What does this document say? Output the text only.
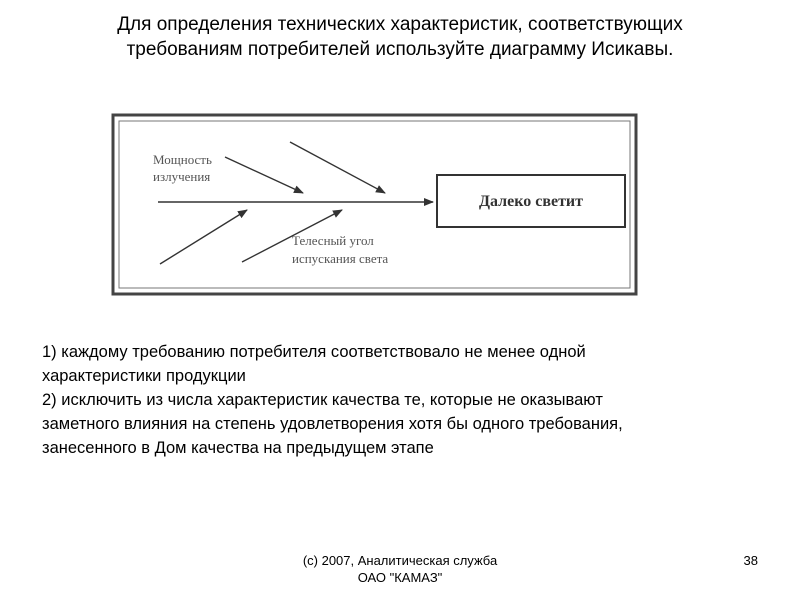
Для определения технических характеристик, соответствующих
требованиям потребителей используйте диаграмму Исикавы.
Далеко светит
Мощность
излучения
Телесный угол
испускания света
1) каждому требованию потребителя соответствовало не менее одной
характеристики продукции
2) исключить из числа характеристик качества те, которые не оказывают
заметного влияния на степень удовлетворения хотя бы одного требования,
занесенного в Дом качества на предыдущем этапе
(c) 2007, Аналитическая служба
ОАО "КАМАЗ"
38
